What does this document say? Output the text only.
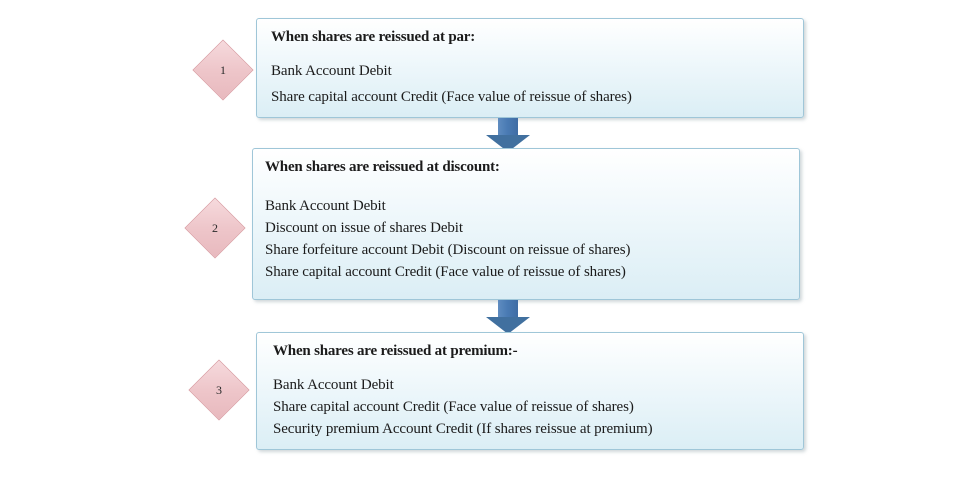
1
When shares are reissued at par:
Bank Account Debit
Share capital account Credit (Face value of reissue of shares)
2
When shares are reissued at discount:
Bank Account Debit
Discount on issue of shares Debit
Share forfeiture account Debit (Discount on reissue of shares)
Share capital account Credit (Face value of reissue of shares)
3
When shares are reissued at premium:-
Bank Account Debit
Share capital account Credit (Face value of reissue of shares)
Security premium Account Credit (If shares reissue at premium)
